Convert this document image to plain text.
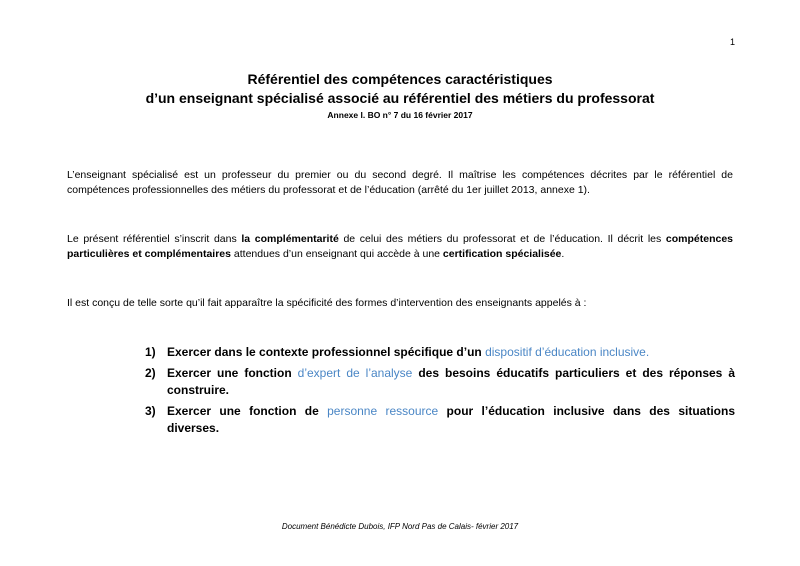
1
Référentiel des compétences caractéristiques
d’un enseignant spécialisé associé au référentiel des métiers du professorat
Annexe I. BO n° 7 du 16 février 2017
L’enseignant spécialisé est un professeur du premier ou du second degré. Il maîtrise les compétences décrites par le référentiel de compétences professionnelles des métiers du professorat et de l’éducation (arrêté du 1er juillet 2013, annexe 1).
Le présent référentiel s’inscrit dans la complémentarité de celui des métiers du professorat et de l’éducation. Il décrit les compétences particulières et complémentaires attendues d’un enseignant qui accède à une certification spécialisée.
Il est conçu de telle sorte qu’il fait apparaître la spécificité des formes d’intervention des enseignants appelés à :
1) Exercer dans le contexte professionnel spécifique d’un dispositif d’éducation inclusive.
2) Exercer une fonction d’expert de l’analyse des besoins éducatifs particuliers et des réponses à construire.
3) Exercer une fonction de personne ressource pour l’éducation inclusive dans des situations diverses.
Document Bénédicte Dubois, IFP Nord Pas de Calais- février 2017
